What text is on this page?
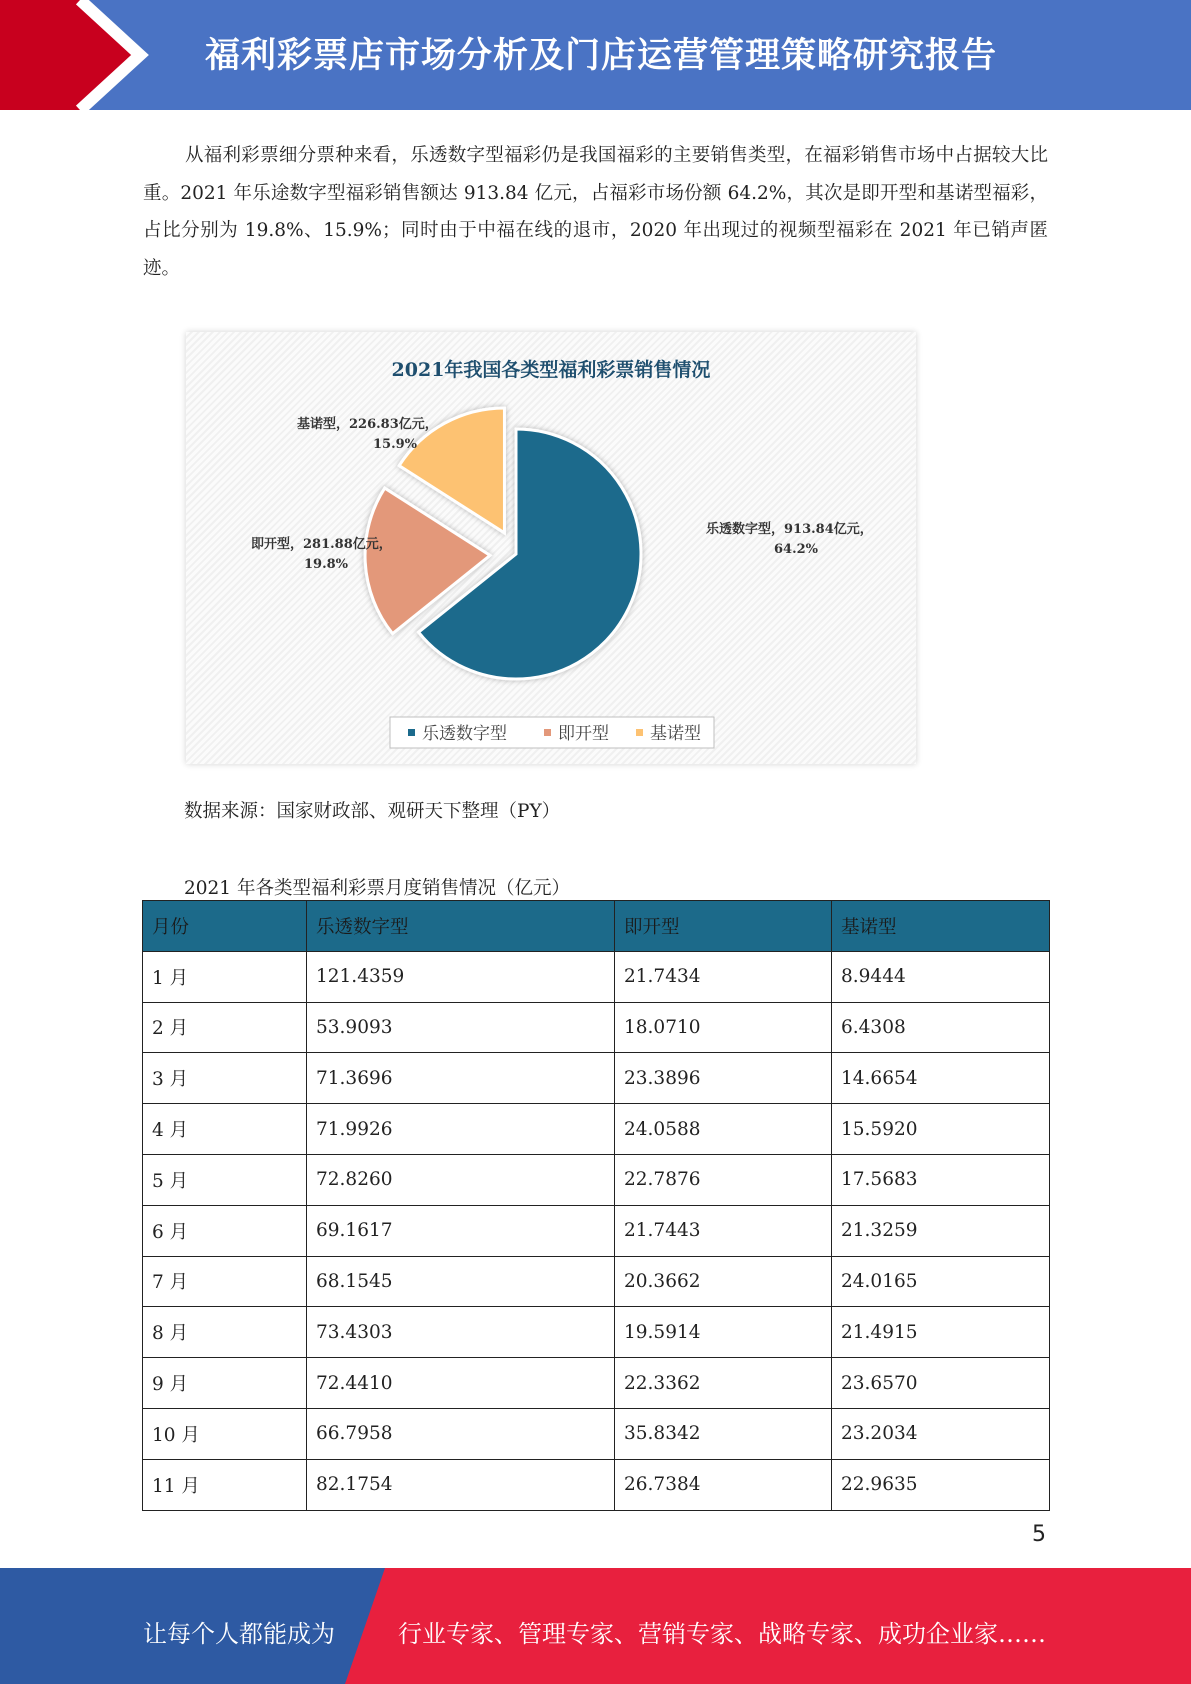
福利彩票店市场分析及门店运营管理策略研究报告

从福利彩票细分票种来看，乐透数字型福彩仍是我国福彩的主要销售类型，在福彩销售市场中占据较大比重。2021 年乐途数字型福彩销售额达 913.84 亿元，占福彩市场份额 64.2%，其次是即开型和基诺型福彩，占比分别为 19.8%、15.9%；同时由于中福在线的退市，2020 年出现过的视频型福彩在 2021 年已销声匿迹。

2021年我国各类型福利彩票销售情况
乐透数字型，913.84亿元，
64.2%
即开型，281.88亿元，
19.8%
基诺型，226.83亿元，
15.9%
乐透数字型	即开型 基诺型
数据来源：国家财政部、观研天下整理（PY）
2021 年各类型福利彩票月度销售情况（亿元）
月份	乐透数字型	即开型	基诺型
1 月	121.4359	21.7434	8.9444
2 月	53.9093	18.0710	6.4308
3 月	71.3696	23.3896	14.6654
4 月	71.9926	24.0588	15.5920
5 月	72.8260	22.7876	17.5683
6 月	69.1617	21.7443	21.3259
7 月	68.1545	20.3662	24.0165
8 月	73.4303	19.5914	21.4915
9 月	72.4410	22.3362	23.6570
10 月	66.7958	35.8342	23.2034
11 月	82.1754	26.7384	22.9635
5
让每个人都能成为	行业专家、管理专家、营销专家、战略专家、成功企业家……
